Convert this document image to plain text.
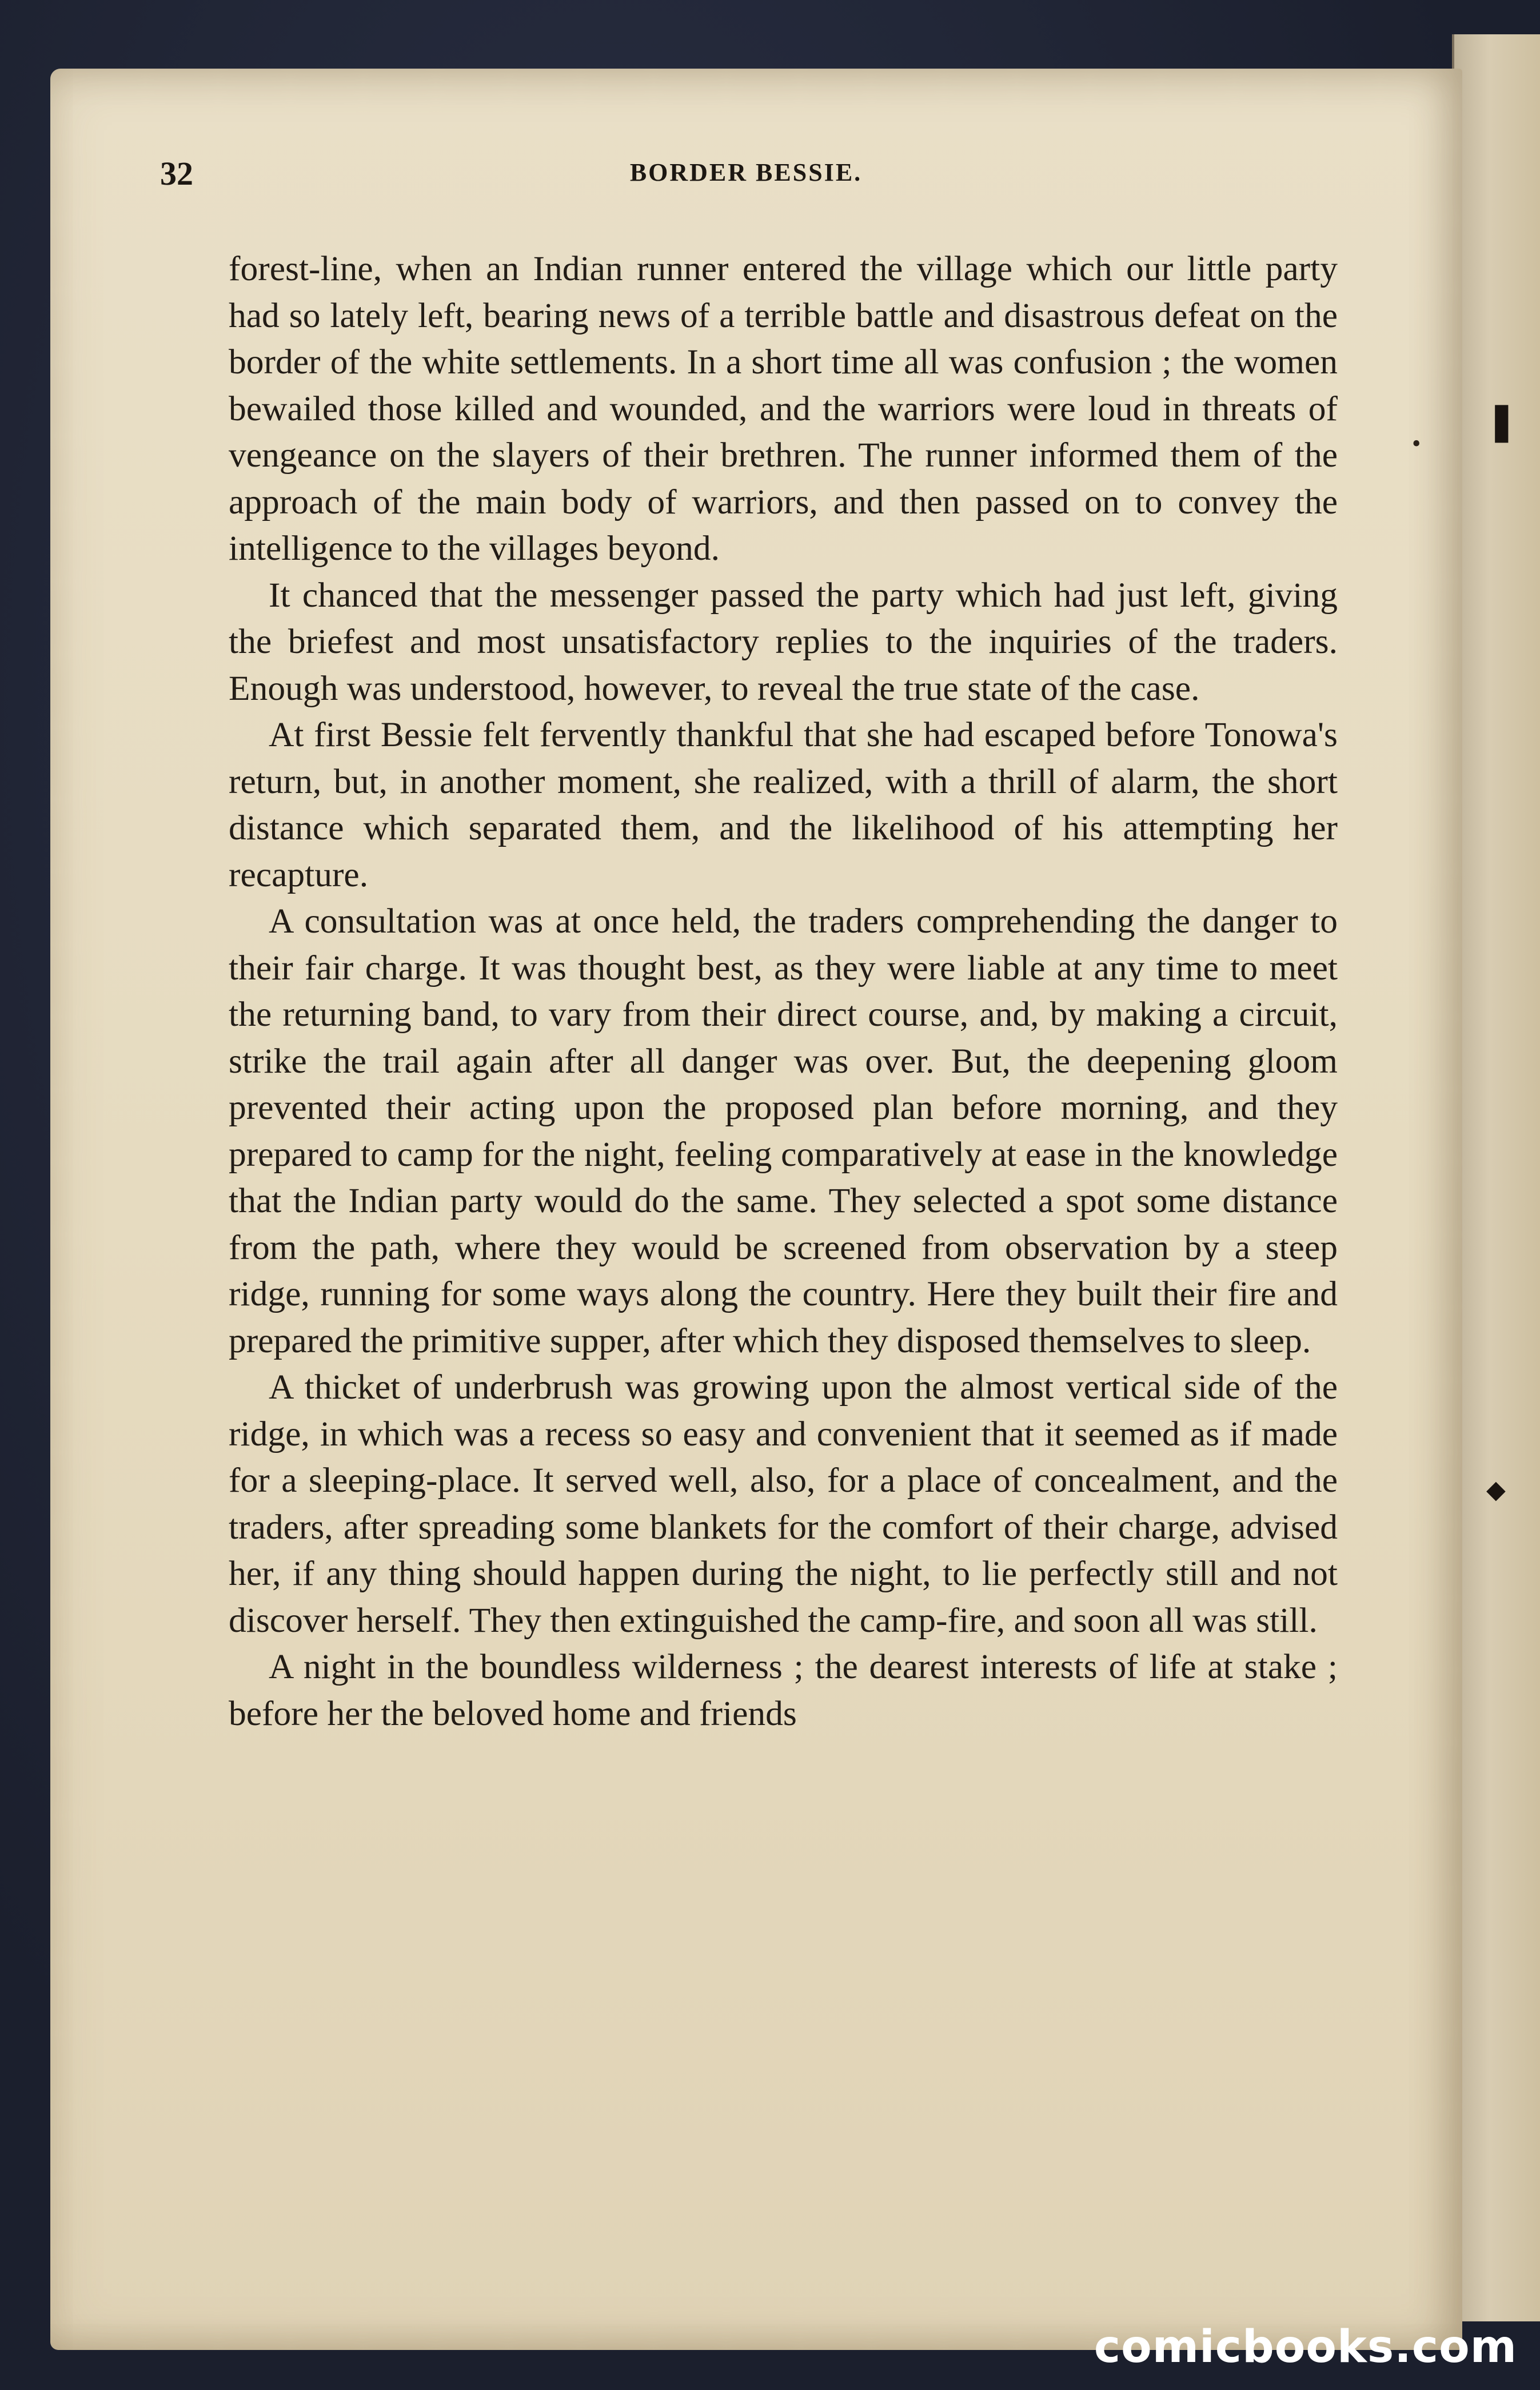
❚
◆
32	BORDER BESSIE.

forest-line, when an Indian runner entered the village which our little party had so lately left, bearing news of a terrible battle and disastrous defeat on the border of the white settlements. In a short time all was confusion ; the women bewailed those killed and wounded, and the warriors were loud in threats of vengeance on the slayers of their brethren. The runner informed them of the approach of the main body of warriors, and then passed on to convey the intelligence to the villages beyond.

It chanced that the messenger passed the party which had just left, giving the briefest and most unsatisfactory replies to the inquiries of the traders. Enough was understood, however, to reveal the true state of the case.

At first Bessie felt fervently thankful that she had escaped before Tonowa's return, but, in another moment, she realized, with a thrill of alarm, the short distance which separated them, and the likelihood of his attempting her recapture.

A consultation was at once held, the traders comprehending the danger to their fair charge. It was thought best, as they were liable at any time to meet the returning band, to vary from their direct course, and, by making a circuit, strike the trail again after all danger was over. But, the deepening gloom prevented their acting upon the proposed plan before morning, and they prepared to camp for the night, feeling comparatively at ease in the knowledge that the Indian party would do the same. They selected a spot some distance from the path, where they would be screened from observation by a steep ridge, running for some ways along the country. Here they built their fire and prepared the primitive supper, after which they disposed themselves to sleep.

A thicket of underbrush was growing upon the almost vertical side of the ridge, in which was a recess so easy and convenient that it seemed as if made for a sleeping-place. It served well, also, for a place of concealment, and the traders, after spreading some blankets for the comfort of their charge, advised her, if any thing should happen during the night, to lie perfectly still and not discover herself. They then extinguished the camp-fire, and soon all was still.

A night in the boundless wilderness ; the dearest interests of life at stake ; before her the beloved home and friends

•
comicbooks.com
